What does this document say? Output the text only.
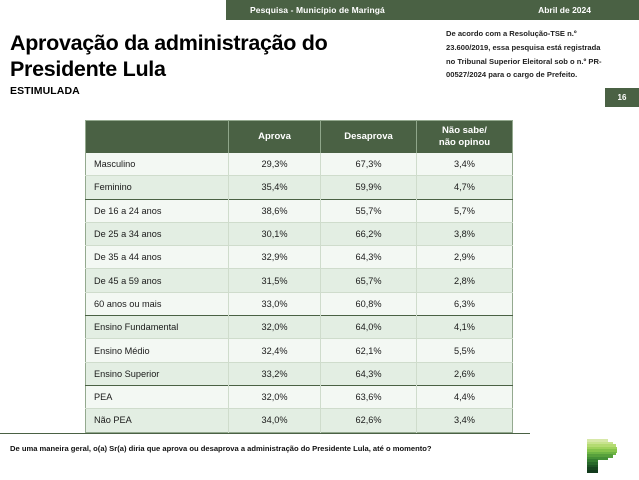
Pesquisa - Município de Maringá	Abril de 2024
Aprovação da administração do
Presidente Lula
ESTIMULADA
De acordo com a Resolução-TSE n.º
23.600/2019, essa pesquisa está registrada
no Tribunal Superior Eleitoral sob o n.º PR-
00527/2024 para o cargo de Prefeito.
16
	Aprova	Desaprova	Não sabe/
não opinou
Masculino	29,3%	67,3%	3,4%
Feminino	35,4%	59,9%	4,7%
De 16 a 24 anos	38,6%	55,7%	5,7%
De 25 a 34 anos	30,1%	66,2%	3,8%
De 35 a 44 anos	32,9%	64,3%	2,9%
De 45 a 59 anos	31,5%	65,7%	2,8%
60 anos ou mais	33,0%	60,8%	6,3%
Ensino Fundamental	32,0%	64,0%	4,1%
Ensino Médio	32,4%	62,1%	5,5%
Ensino Superior	33,2%	64,3%	2,6%
PEA	32,0%	63,6%	4,4%
Não PEA	34,0%	62,6%	3,4%
De uma maneira geral, o(a) Sr(a) diria que aprova ou desaprova a administração do Presidente Lula, até o momento?
